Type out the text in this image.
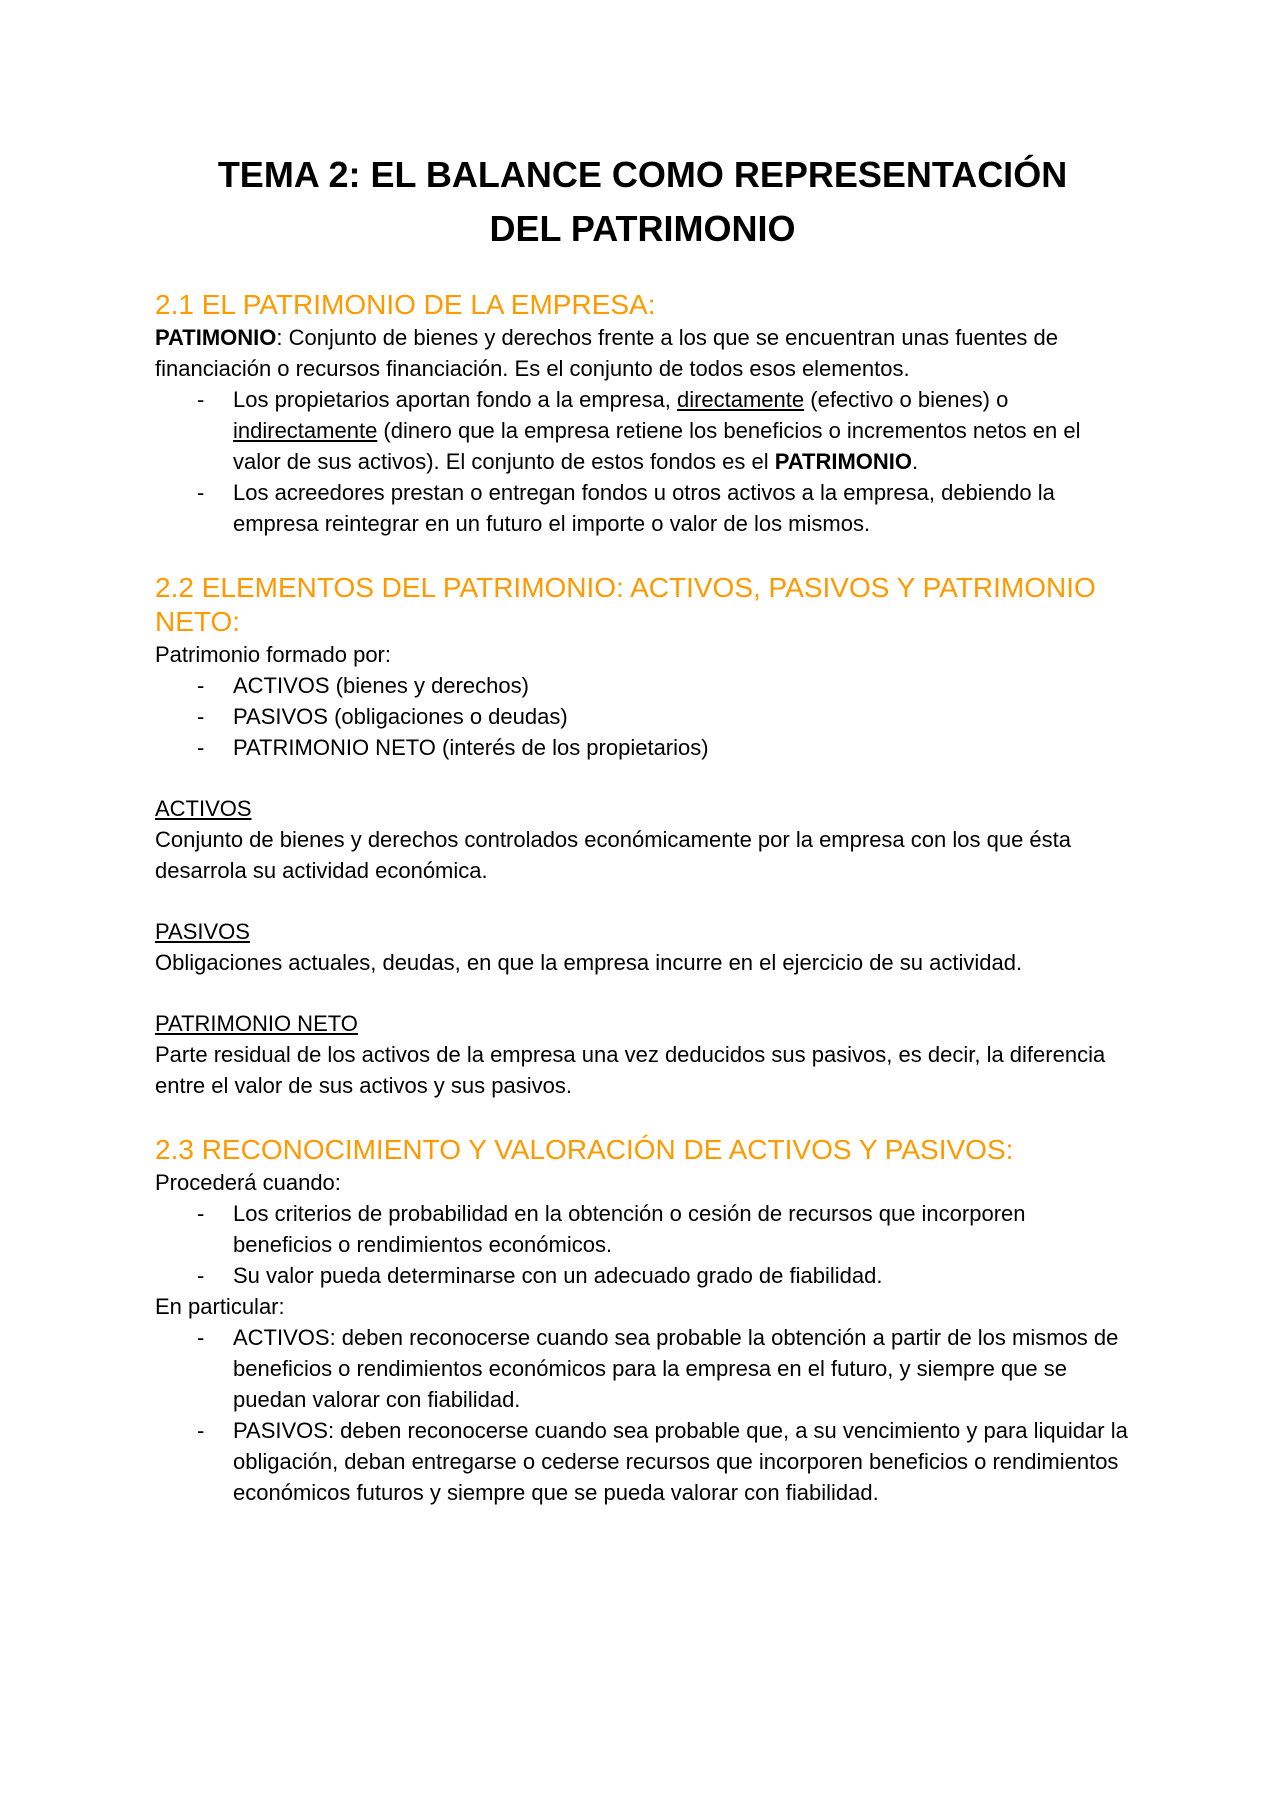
TEMA 2: EL BALANCE COMO REPRESENTACIÓN
DEL PATRIMONIO
2.1 EL PATRIMONIO DE LA EMPRESA:

PATIMONIO: Conjunto de bienes y derechos frente a los que se encuentran unas fuentes de financiación o recursos financiación. Es el conjunto de todos esos elementos.

- Los propietarios aportan fondo a la empresa, directamente (efectivo o bienes) o indirectamente (dinero que la empresa retiene los beneficios o incrementos netos en el valor de sus activos). El conjunto de estos fondos es el PATRIMONIO.
- Los acreedores prestan o entregan fondos u otros activos a la empresa, debiendo la empresa reintegrar en un futuro el importe o valor de los mismos.
2.2 ELEMENTOS DEL PATRIMONIO: ACTIVOS, PASIVOS Y PATRIMONIO NETO:

Patrimonio formado por:

- ACTIVOS (bienes y derechos)
- PASIVOS (obligaciones o deudas)
- PATRIMONIO NETO (interés de los propietarios)

ACTIVOS

Conjunto de bienes y derechos controlados económicamente por la empresa con los que ésta desarrola su actividad económica.

PASIVOS

Obligaciones actuales, deudas, en que la empresa incurre en el ejercicio de su actividad.

PATRIMONIO NETO

Parte residual de los activos de la empresa una vez deducidos sus pasivos, es decir, la diferencia entre el valor de sus activos y sus pasivos.

2.3 RECONOCIMIENTO Y VALORACIÓN DE ACTIVOS Y PASIVOS:

Procederá cuando:

- Los criterios de probabilidad en la obtención o cesión de recursos que incorporen beneficios o rendimientos económicos.
- Su valor pueda determinarse con un adecuado grado de fiabilidad.

En particular:

- ACTIVOS: deben reconocerse cuando sea probable la obtención a partir de los mismos de beneficios o rendimientos económicos para la empresa en el futuro, y siempre que se puedan valorar con fiabilidad.
- PASIVOS: deben reconocerse cuando sea probable que, a su vencimiento y para liquidar la obligación, deban entregarse o cederse recursos que incorporen beneficios o rendimientos económicos futuros y siempre que se pueda valorar con fiabilidad.
